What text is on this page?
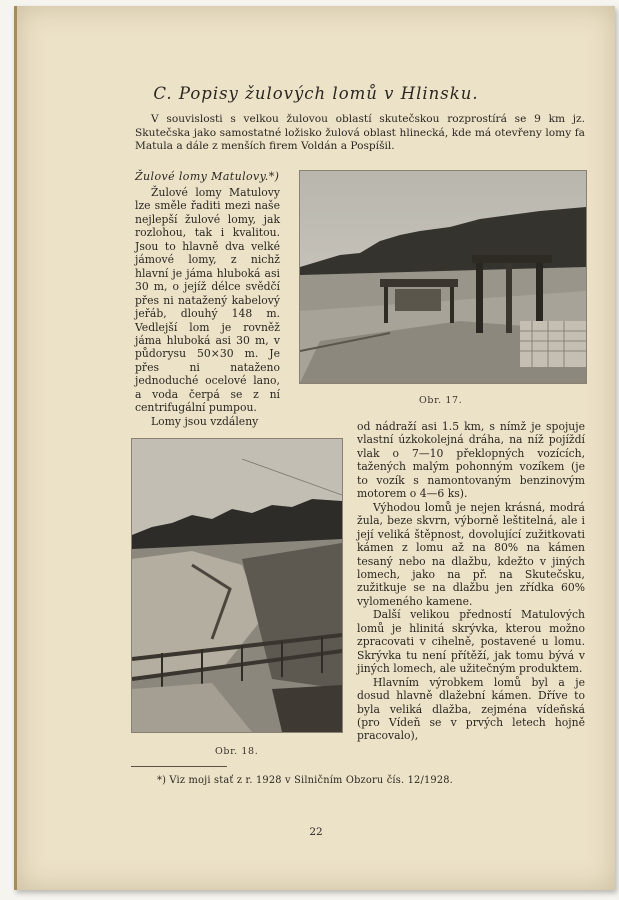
C. Popisy žulových lomů v Hlinsku.

V souvislosti s velkou žulovou oblastí skutečskou rozprostírá se 9 km jz. Skutečska jako samostatné ložisko žulová oblast hlinecká, kde má otevřeny lomy fa Matula a dále z menších firem Voldán a Pospíšil.

Žulové lomy Matulovy.*)
Žulové lomy Matulovy lze směle řaditi mezi naše nejlepší žulové lomy, jak rozlohou, tak i kvalitou. Jsou to hlavně dva velké jámové lomy, z nichž hlavní je jáma hluboká asi 30 m, o jejíž délce svědčí přes ni natažený kabelový jeřáb, dlouhý 148 m. Vedlejší lom je rovněž jáma hluboká asi 30 m, v půdorysu 50×30 m. Je přes ni nataženo jednoduché ocelové lano, a voda čerpá se z ní centrifugální pumpou.
Lomy jsou vzdáleny
Obr. 17.
Obr. 18.

od nádraží asi 1.5 km, s nímž je spojuje vlastní úzkokolejná dráha, na níž pojíždí vlak o 7—10 překlopných vozících, tažených malým pohonným vozíkem (je to vozík s namontovaným benzinovým motorem o 4—6 ks).

Výhodou lomů je nejen krásná, modrá žula, beze skvrn, výborně leštitelná, ale i její veliká štěpnost, dovolující zužitkovati kámen z lomu až na 80% na kámen tesaný nebo na dlažbu, kdežto v jiných lomech, jako na př. na Skutečsku, zužitkuje se na dlažbu jen zřídka 60% vylomeného kamene.

Další velikou předností Matulových lomů je hlinitá skrývka, kterou možno zpracovati v cihelně, postavené u lomu. Skrývka tu není přítěží, jak tomu bývá v jiných lomech, ale užitečným produktem.

Hlavním výrobkem lomů byl a je dosud hlavně dlažební kámen. Dříve to byla veliká dlažba, zejména vídeňská (pro Vídeň se v prvých letech hojně pracovalo),

*) Viz moji stať z r. 1928 v Silničním Obzoru čís. 12/1928.
22
